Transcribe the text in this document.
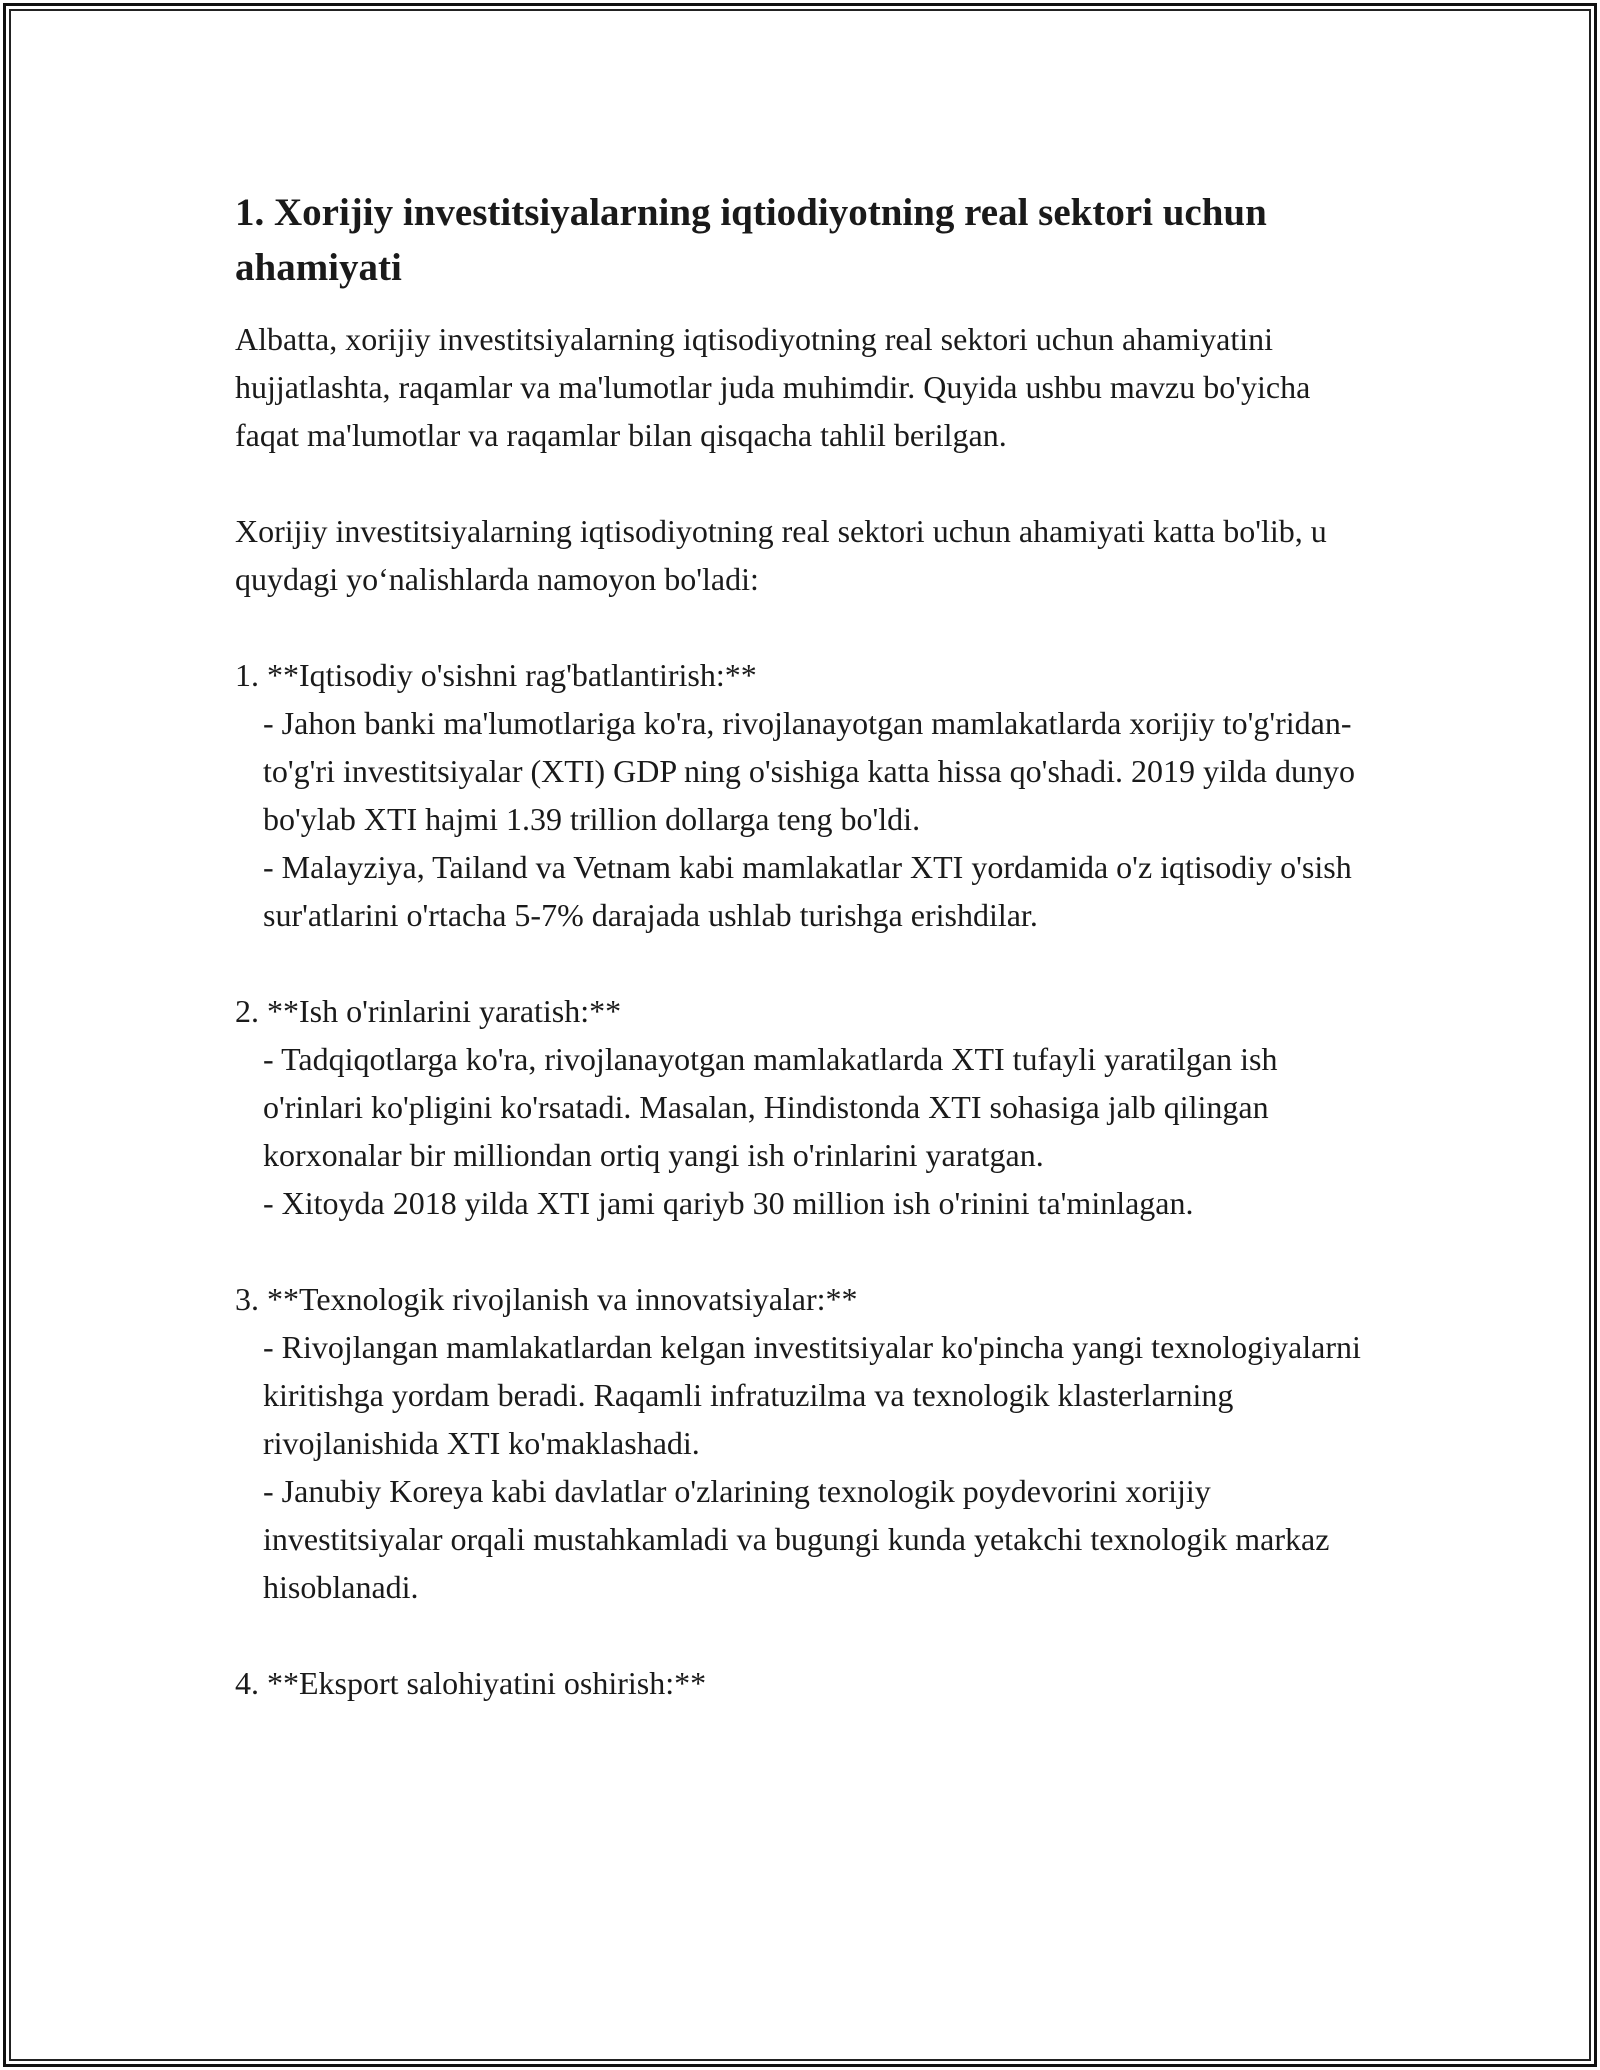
1. Xorijiy investitsiyalarning iqtiodiyotning real sektori uchun ahamiyati

Albatta, xorijiy investitsiyalarning iqtisodiyotning real sektori uchun ahamiyatini hujjatlashta, raqamlar va ma'lumotlar juda muhimdir. Quyida ushbu mavzu bo'yicha faqat ma'lumotlar va raqamlar bilan qisqacha tahlil berilgan.

Xorijiy investitsiyalarning iqtisodiyotning real sektori uchun ahamiyati katta bo'lib, u quydagi yoʻnalishlarda namoyon bo'ladi:

1. **Iqtisodiy o'sishni rag'batlantirish:**

- Jahon banki ma'lumotlariga ko'ra, rivojlanayotgan mamlakatlarda xorijiy to'g'ridan-to'g'ri investitsiyalar (XTI) GDP ning o'sishiga katta hissa qo'shadi. 2019 yilda dunyo bo'ylab XTI hajmi 1.39 trillion dollarga teng bo'ldi.

- Malayziya, Tailand va Vetnam kabi mamlakatlar XTI yordamida o'z iqtisodiy o'sish sur'atlarini o'rtacha 5-7% darajada ushlab turishga erishdilar.

2. **Ish o'rinlarini yaratish:**

- Tadqiqotlarga ko'ra, rivojlanayotgan mamlakatlarda XTI tufayli yaratilgan ish o'rinlari ko'pligini ko'rsatadi. Masalan, Hindistonda XTI sohasiga jalb qilingan korxonalar bir milliondan ortiq yangi ish o'rinlarini yaratgan.

- Xitoyda 2018 yilda XTI jami qariyb 30 million ish o'rinini ta'minlagan.

3. **Texnologik rivojlanish va innovatsiyalar:**

- Rivojlangan mamlakatlardan kelgan investitsiyalar ko'pincha yangi texnologiyalarni kiritishga yordam beradi. Raqamli infratuzilma va texnologik klasterlarning rivojlanishida XTI ko'maklashadi.

- Janubiy Koreya kabi davlatlar o'zlarining texnologik poydevorini xorijiy investitsiyalar orqali mustahkamladi va bugungi kunda yetakchi texnologik markaz hisoblanadi.

4. **Eksport salohiyatini oshirish:**
